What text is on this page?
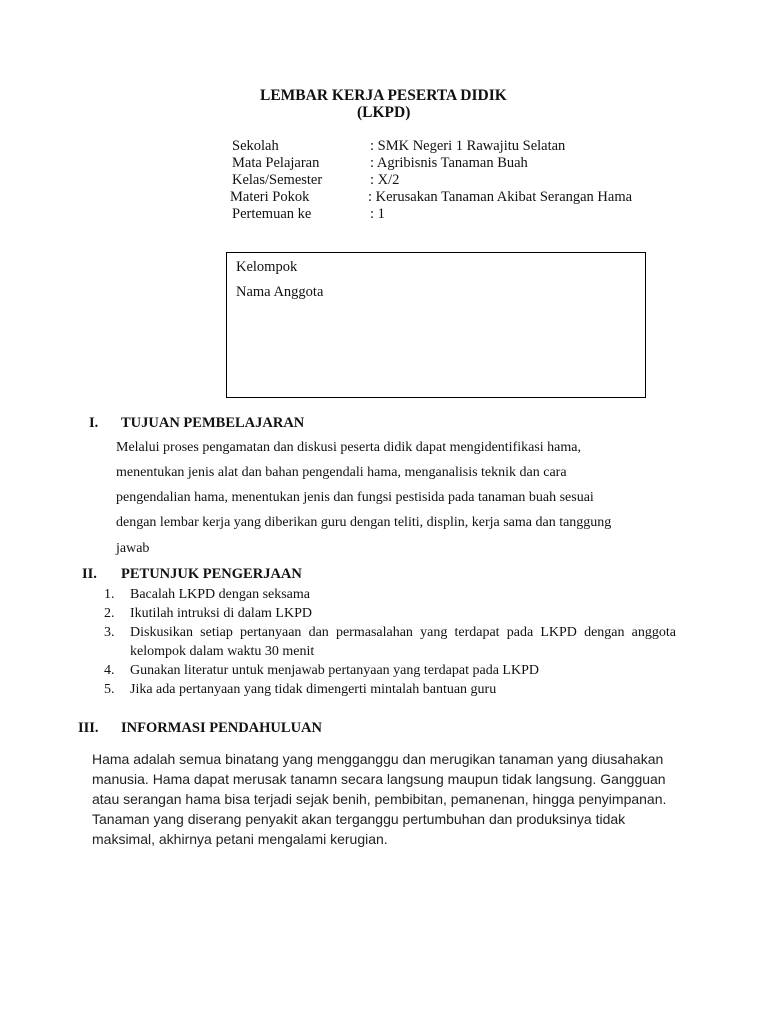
LEMBAR KERJA PESERTA DIDIK
(LKPD)
Sekolah	: SMK Negeri 1 Rawajitu Selatan
Mata Pelajaran	: Agribisnis Tanaman Buah
Kelas/Semester	: X/2
Materi Pokok	: Kerusakan Tanaman Akibat Serangan Hama
Pertemuan ke	: 1
Kelompok
Nama Anggota
I. TUJUAN PEMBELAJARAN
Melalui proses pengamatan dan diskusi peserta didik dapat mengidentifikasi hama,
menentukan jenis alat dan bahan pengendali hama, menganalisis teknik dan cara
pengendalian hama, menentukan jenis dan fungsi pestisida pada tanaman buah sesuai
dengan lembar kerja yang diberikan guru dengan teliti, displin, kerja sama dan tanggung
jawab
II. PETUNJUK PENGERJAAN
1.	Bacalah LKPD dengan seksama
2.	Ikutilah intruksi di dalam LKPD
3.	Diskusikan setiap pertanyaan dan permasalahan yang terdapat pada LKPD dengan anggota kelompok dalam waktu 30 menit
4.	Gunakan literatur untuk menjawab pertanyaan yang terdapat pada LKPD
5.	Jika ada pertanyaan yang tidak dimengerti mintalah bantuan guru
III. INFORMASI PENDAHULUAN
Hama adalah semua binatang yang mengganggu dan merugikan tanaman yang diusahakan
manusia. Hama dapat merusak tanamn secara langsung maupun tidak langsung. Gangguan
atau serangan hama bisa terjadi sejak benih, pembibitan, pemanenan, hingga penyimpanan.
Tanaman yang diserang penyakit akan terganggu pertumbuhan dan produksinya tidak
maksimal, akhirnya petani mengalami kerugian.
